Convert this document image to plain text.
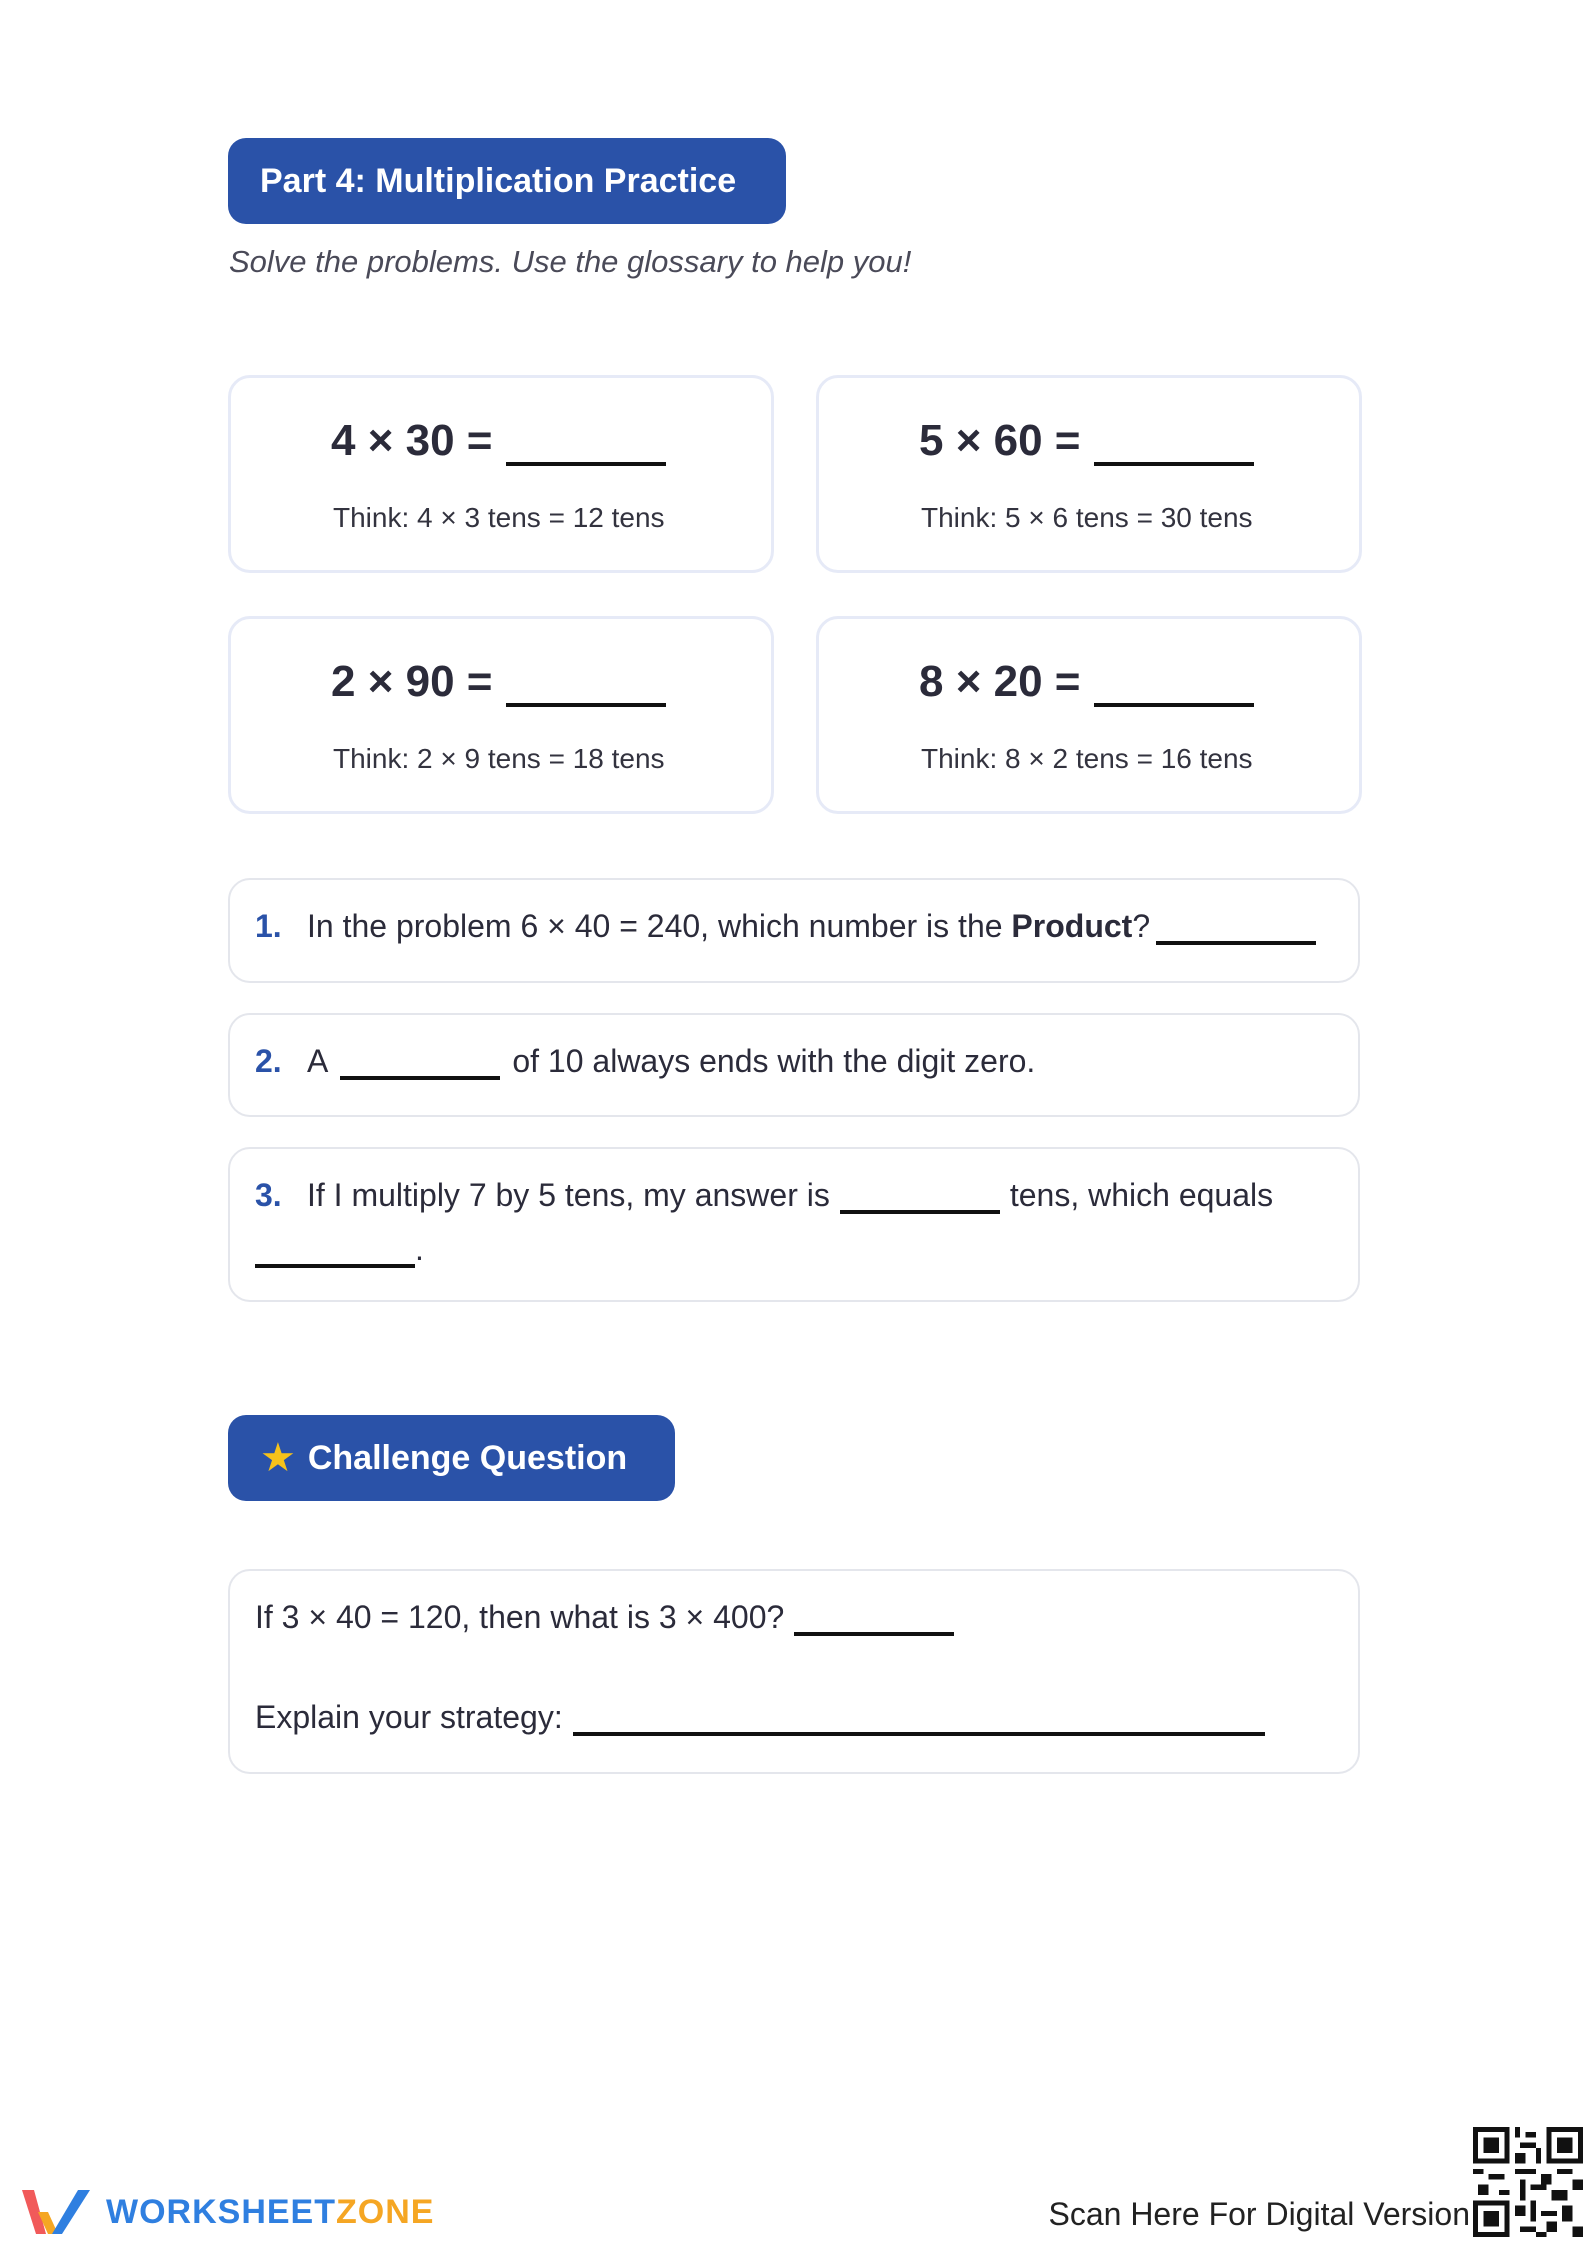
Part 4: Multiplication Practice
Solve the problems. Use the glossary to help you!
4 × 30 =
Think: 4 × 3 tens = 12 tens
5 × 60 =
Think: 5 × 6 tens = 30 tens
2 × 90 =
Think: 2 × 9 tens = 18 tens
8 × 20 =
Think: 8 × 2 tens = 16 tens
1. In the problem 6 × 40 = 240, which number is the Product ?
2. A	of 10 always ends with the digit zero.
3. If I multiply 7 by 5 tens, my answer is	tens, which equals
.
★ Challenge Question
If 3 × 40 = 120, then what is 3 × 400?
Explain your strategy:
WORKSHEETZONE	Scan Here For Digital Version
